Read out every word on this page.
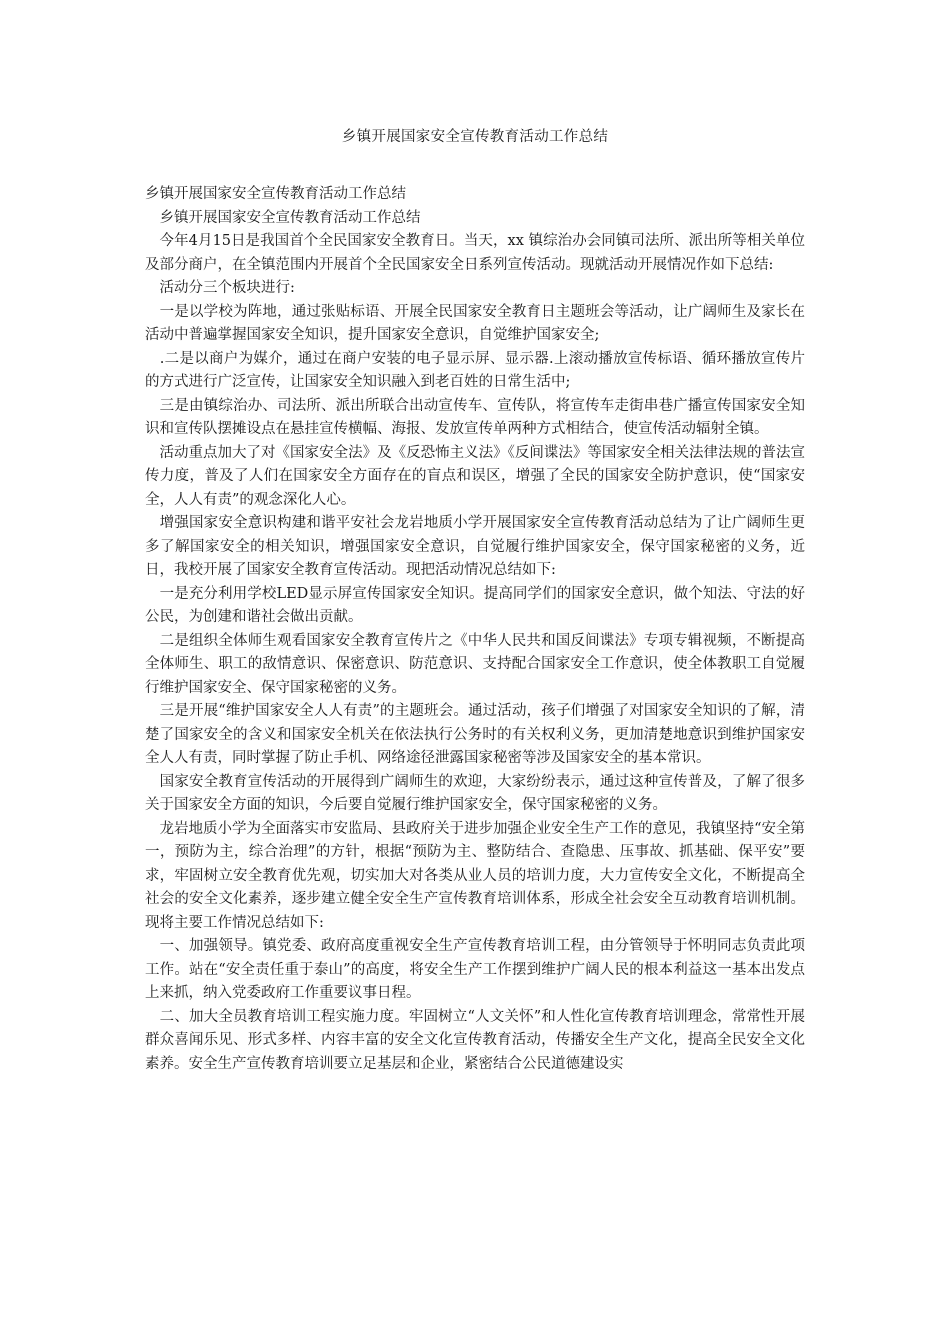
乡镇开展国家安全宣传教育活动工作总结

乡镇开展国家安全宣传教育活动工作总结

　乡镇开展国家安全宣传教育活动工作总结

　今年4月15日是我国首个全民国家安全教育日。当天，xx 镇综治办会同镇司法所、派出所等相关单位及部分商户，在全镇范围内开展首个全民国家安全日系列宣传活动。现就活动开展情况作如下总结:

　活动分三个板块进行:

　一是以学校为阵地，通过张贴标语、开展全民国家安全教育日主题班会等活动，让广阔师生及家长在活动中普遍掌握国家安全知识，提升国家安全意识，自觉维护国家安全;

　.二是以商户为媒介，通过在商户安装的电子显示屏、显示器.上滚动播放宣传标语、循环播放宣传片的方式进行广泛宣传，让国家安全知识融入到老百姓的日常生活中;

　三是由镇综治办、司法所、派出所联合出动宣传车、宣传队，将宣传车走街串巷广播宣传国家安全知识和宣传队摆摊设点在悬挂宣传横幅、海报、发放宣传单两种方式相结合，使宣传活动辐射全镇。

　活动重点加大了对《国家安全法》及《反恐怖主义法》《反间谍法》等国家安全相关法律法规的普法宣传力度，普及了人们在国家安全方面存在的盲点和误区，增强了全民的国家安全防护意识，使“国家安全，人人有责”的观念深化人心。

　增强国家安全意识构建和谐平安社会龙岩地质小学开展国家安全宣传教育活动总结为了让广阔师生更多了解国家安全的相关知识，增强国家安全意识，自觉履行维护国家安全，保守国家秘密的义务，近日，我校开展了国家安全教育宣传活动。现把活动情况总结如下:

　一是充分利用学校LED显示屏宣传国家安全知识。提高同学们的国家安全意识，做个知法、守法的好公民，为创建和谐社会做出贡献。

　二是组织全体师生观看国家安全教育宣传片之《中华人民共和国反间谍法》专项专辑视频，不断提高全体师生、职工的敌情意识、保密意识、防范意识、支持配合国家安全工作意识，使全体教职工自觉履行维护国家安全、保守国家秘密的义务。

　三是开展“维护国家安全人人有责”的主题班会。通过活动，孩子们增强了对国家安全知识的了解，清楚了国家安全的含义和国家安全机关在依法执行公务时的有关权利义务，更加清楚地意识到维护国家安全人人有责，同时掌握了防止手机、网络途径泄露国家秘密等涉及国家安全的基本常识。

　国家安全教育宣传活动的开展得到广阔师生的欢迎，大家纷纷表示，通过这种宣传普及，了解了很多关于国家安全方面的知识，今后要自觉履行维护国家安全，保守国家秘密的义务。

　龙岩地质小学为全面落实市安监局、县政府关于进步加强企业安全生产工作的意见，我镇坚持“安全第一，预防为主，综合治理”的方针，根据“预防为主、整防结合、查隐患、压事故、抓基础、保平安”要求，牢固树立安全教育优先观，切实加大对各类从业人员的培训力度，大力宣传安全文化，不断提高全社会的安全文化素养，逐步建立健全安全生产宣传教育培训体系，形成全社会安全互动教育培训机制。现将主要工作情况总结如下:

　一、加强领导。镇党委、政府高度重视安全生产宣传教育培训工程，由分管领导于怀明同志负责此项工作。站在“安全责任重于泰山”的高度，将安全生产工作摆到维护广阔人民的根本利益这一基本出发点上来抓，纳入党委政府工作重要议事日程。

　二、加大全员教育培训工程实施力度。牢固树立“人文关怀”和人性化宣传教育培训理念，常常性开展群众喜闻乐见、形式多样、内容丰富的安全文化宣传教育活动，传播安全生产文化，提高全民安全文化素养。安全生产宣传教育培训要立足基层和企业，紧密结合公民道德建设实
